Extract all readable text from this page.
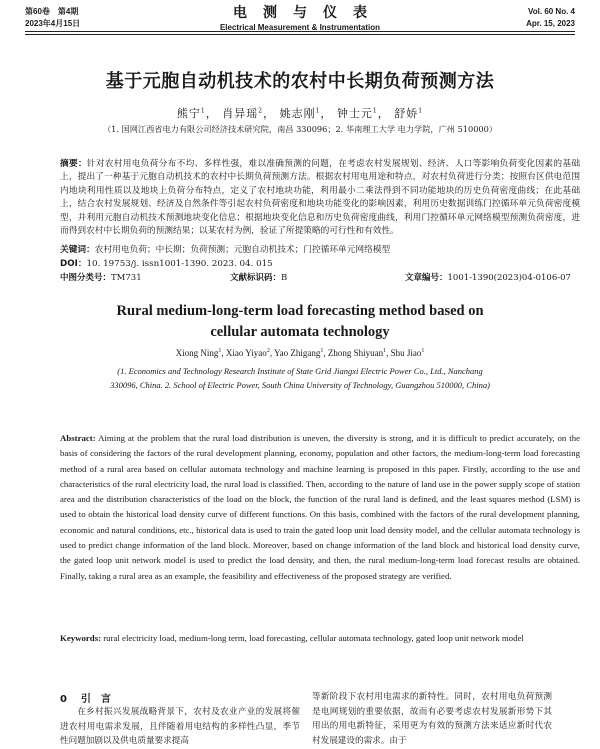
第60卷　第4期
2023年4月15日
电测与仪表
Electrical Measurement & Instrumentation
Vol. 60 No. 4
Apr. 15, 2023
基于元胞自动机技术的农村中长期负荷预测方法
熊宁$^1$， 肖异瑶$^2$， 姚志刚$^1$， 钟士元$^1$， 舒娇$^1$
（1. 国网江西省电力有限公司经济技术研究院，南昌 330096；2. 华南理工大学 电力学院，广州 510000）
摘要：针对农村用电负荷分布不均、多样性强，难以准确预测的问题，在考虑农村发展规划、经济、人口等影响负荷变化因素的基础上，提出了一种基于元胞自动机技术的农村中长期负荷预测方法。根据农村用电用途和特点，对农村负荷进行分类；按照台区供电范围内地块利用性质以及地块上负荷分布特点，定义了农村地块功能，利用最小二乘法得到不同功能地块的历史负荷密度曲线；在此基础上，结合农村发展规划、经济及自然条件等引起农村负荷密度和地块功能变化的影响因素，利用历史数据训练门控循环单元负荷密度模型，并利用元胞自动机技术预测地块变化信息；根据地块变化信息和历史负荷密度曲线，利用门控循环单元网络模型预测负荷密度，进而得到农村中长期负荷的预测结果；以某农村为例，验证了所提策略的可行性和有效性。
关键词：农村用电负荷；中长期；负荷预测；元胞自动机技术；门控循环单元网络模型
DOI：10. 19753/j. issn1001-1390. 2023. 04. 015
中图分类号：TM731	文献标识码：B	文章编号：1001-1390(2023)04-0106-07
Rural medium-long-term load forecasting method based on
cellular automata technology
Xiong Ning$^1$, Xiao Yiyao$^2$, Yao Zhigang$^1$, Zhong Shiyuan$^1$, Shu Jiao$^1$
(1. Economics and Technology Research Institute of State Grid Jiangxi Electric Power Co., Ltd., Nanchang
330096, China. 2. School of Electric Power, South China University of Technology, Guangzhou 510000, China)
Abstract: Aiming at the problem that the rural load distribution is uneven, the diversity is strong, and it is difficult to predict accurately, on the basis of considering the factors of the rural development planning, economy, population and other factors, the medium-long-term load forecasting method of a rural area based on cellular automata technology and machine learning is proposed in this paper. Firstly, according to the use and characteristics of the rural electricity load, the rural load is classified. Then, according to the nature of land use in the power supply scope of station area and the distribution characteristics of the load on the block, the function of the rural land is defined, and the least squares method (LSM) is used to obtain the historical load density curve of different functions. On this basis, combined with the factors of the rural development planning, economic and natural conditions, etc., historical data is used to train the gated loop unit load density model, and the cellular automata technology is used to predict change information of the land block. Moreover, based on change information of the land block and historical load density curve, the gated loop unit network model is used to predict the load density, and then, the rural medium-long-term load forecast results are obtained. Finally, taking a rural area as an example, the feasibility and effectiveness of the proposed strategy are verified.
Keywords: rural electricity load, medium-long term, load forecasting, cellular automata technology, gated loop unit network model
0 引　言
在乡村振兴发展战略背景下，农村及农业产业的发展将催进农村用电需求发展，且伴随着用电结构的多样性凸显，季节性问题加剧以及供电质量要求提高
等新阶段下农村用电需求的新特性。同时，农村用电负荷预测是电网规划的重要依据，故而有必要考虑农村发展新形势下其用出的用电新特征，采用更为有效的预测方法来适应新时代农村发展建设的需求。由于
